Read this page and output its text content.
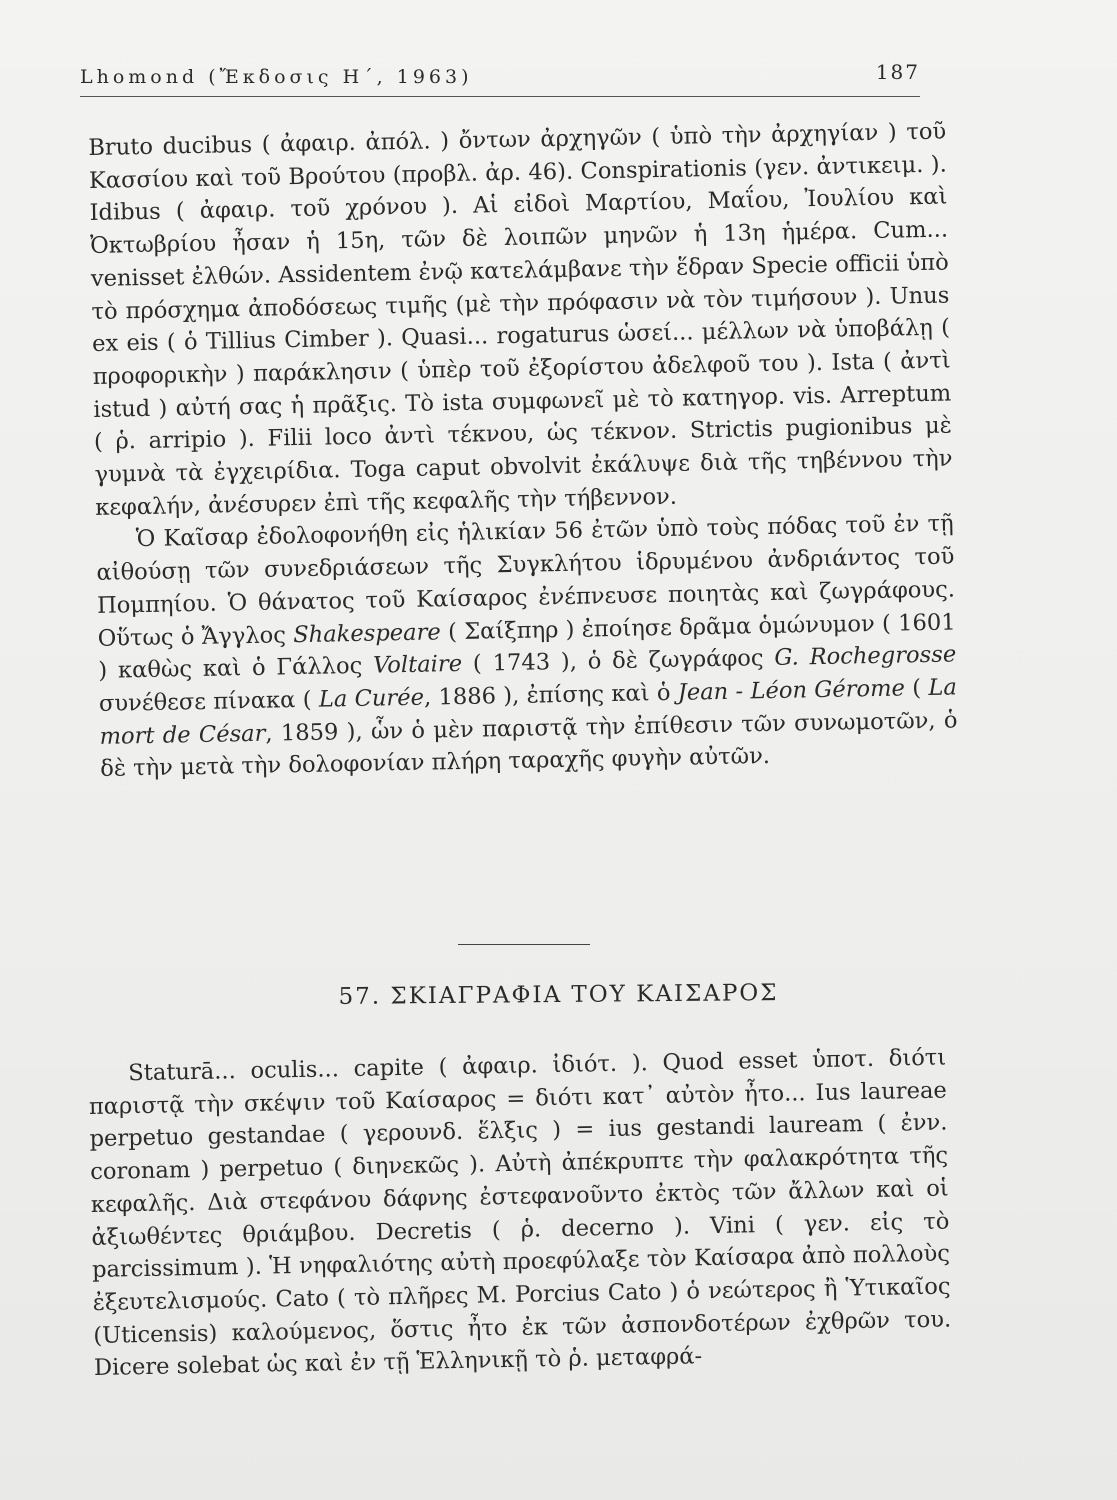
Lhomond (Ἔκδοσις Η΄, 1963)	187

Bruto ducibus ( ἀφαιρ. ἀπόλ. ) ὄντων ἀρχηγῶν ( ὑπὸ τὴν ἀρχηγίαν ) τοῦ Κασσίου καὶ τοῦ Βρούτου (προβλ. ἀρ. 46). Conspirationis (γεν. ἀντικειμ. ). Idibus ( ἀφαιρ. τοῦ χρόνου ). Αἱ εἰδοὶ Μαρτίου, Μαΐου, Ἰουλίου καὶ Ὀκτωβρίου ἦσαν ἡ 15η, τῶν δὲ λοιπῶν μηνῶν ἡ 13η ἡμέρα. Cum... venisset ἐλθών. Assidentem ἐνῷ κατελάμβανε τὴν ἕδραν Specie officii ὑπὸ τὸ πρόσχημα ἀποδόσεως τιμῆς (μὲ τὴν πρόφασιν νὰ τὸν τιμήσουν ). Unus ex eis ( ὁ Tillius Cimber ). Quasi... rogaturus ὡσεί... μέλλων νὰ ὑποβάλῃ ( προφορικὴν ) παράκλησιν ( ὑπὲρ τοῦ ἐξορίστου ἀδελφοῦ του ). Ista ( ἀντὶ istud ) αὐτή σας ἡ πρᾶξις. Τὸ ista συμφωνεῖ μὲ τὸ κατηγορ. vis. Arreptum ( ῥ. arripio ). Filii loco ἀντὶ τέκνου, ὡς τέκνον. Strictis pugionibus μὲ γυμνὰ τὰ ἐγχειρίδια. Toga caput obvolvit ἐκάλυψε διὰ τῆς τηβέννου τὴν κεφαλήν, ἀνέσυρεν ἐπὶ τῆς κεφαλῆς τὴν τήβεννον.

Ὁ Καῖσαρ ἐδολοφονήθη εἰς ἡλικίαν 56 ἐτῶν ὑπὸ τοὺς πόδας τοῦ ἐν τῇ αἰθούσῃ τῶν συνεδριάσεων τῆς Συγκλήτου ἱδρυμένου ἀνδριάντος τοῦ Πομπηίου. Ὁ θάνατος τοῦ Καίσαρος ἐνέπνευσε ποιητὰς καὶ ζωγράφους. Οὕτως ὁ Ἄγγλος Shakespeare ( Σαίξπηρ ) ἐποίησε δρᾶμα ὁμώνυμον ( 1601 ) καθὼς καὶ ὁ Γάλλος Voltaire ( 1743 ), ὁ δὲ ζωγράφος G. Rochegrosse συνέθεσε πίνακα ( La Curée, 1886 ), ἐπίσης καὶ ὁ Jean - Léon Gérome ( La mort de César, 1859 ), ὧν ὁ μὲν παριστᾷ τὴν ἐπίθεσιν τῶν συνωμοτῶν, ὁ δὲ τὴν μετὰ τὴν δολοφονίαν πλήρη ταραχῆς φυγὴν αὐτῶν.

57. ΣΚΙΑΓΡΑΦΙΑ ΤΟΥ ΚΑΙΣΑΡΟΣ

Staturā... oculis... capite ( ἀφαιρ. ἰδιότ. ). Quod esset ὑποτ. διότι παριστᾷ τὴν σκέψιν τοῦ Καίσαρος = διότι κατ᾽ αὐτὸν ἦτο... Ius laureae perpetuo gestandae ( γερουνδ. ἕλξις ) = ius gestandi lauream ( ἐνν. coronam ) perpetuo ( διηνεκῶς ). Αὐτὴ ἀπέκρυπτε τὴν φαλακρότητα τῆς κεφαλῆς. Διὰ στεφάνου δάφνης ἐστεφανοῦντο ἐκτὸς τῶν ἄλλων καὶ οἱ ἀξιωθέντες θριάμβου. Decretis ( ῥ. decerno ). Vini ( γεν. εἰς τὸ parcissimum ). Ἡ νηφαλιότης αὐτὴ προεφύλαξε τὸν Καίσαρα ἀπὸ πολλοὺς ἐξευτελισμούς. Cato ( τὸ πλῆρες M. Porcius Cato ) ὁ νεώτερος ἢ Ὑτικαῖος (Uticensis) καλούμενος, ὅστις ἦτο ἐκ τῶν ἀσπονδοτέρων ἐχθρῶν του. Dicere solebat ὡς καὶ ἐν τῇ Ἑλληνικῇ τὸ ῥ. μεταφρά-
